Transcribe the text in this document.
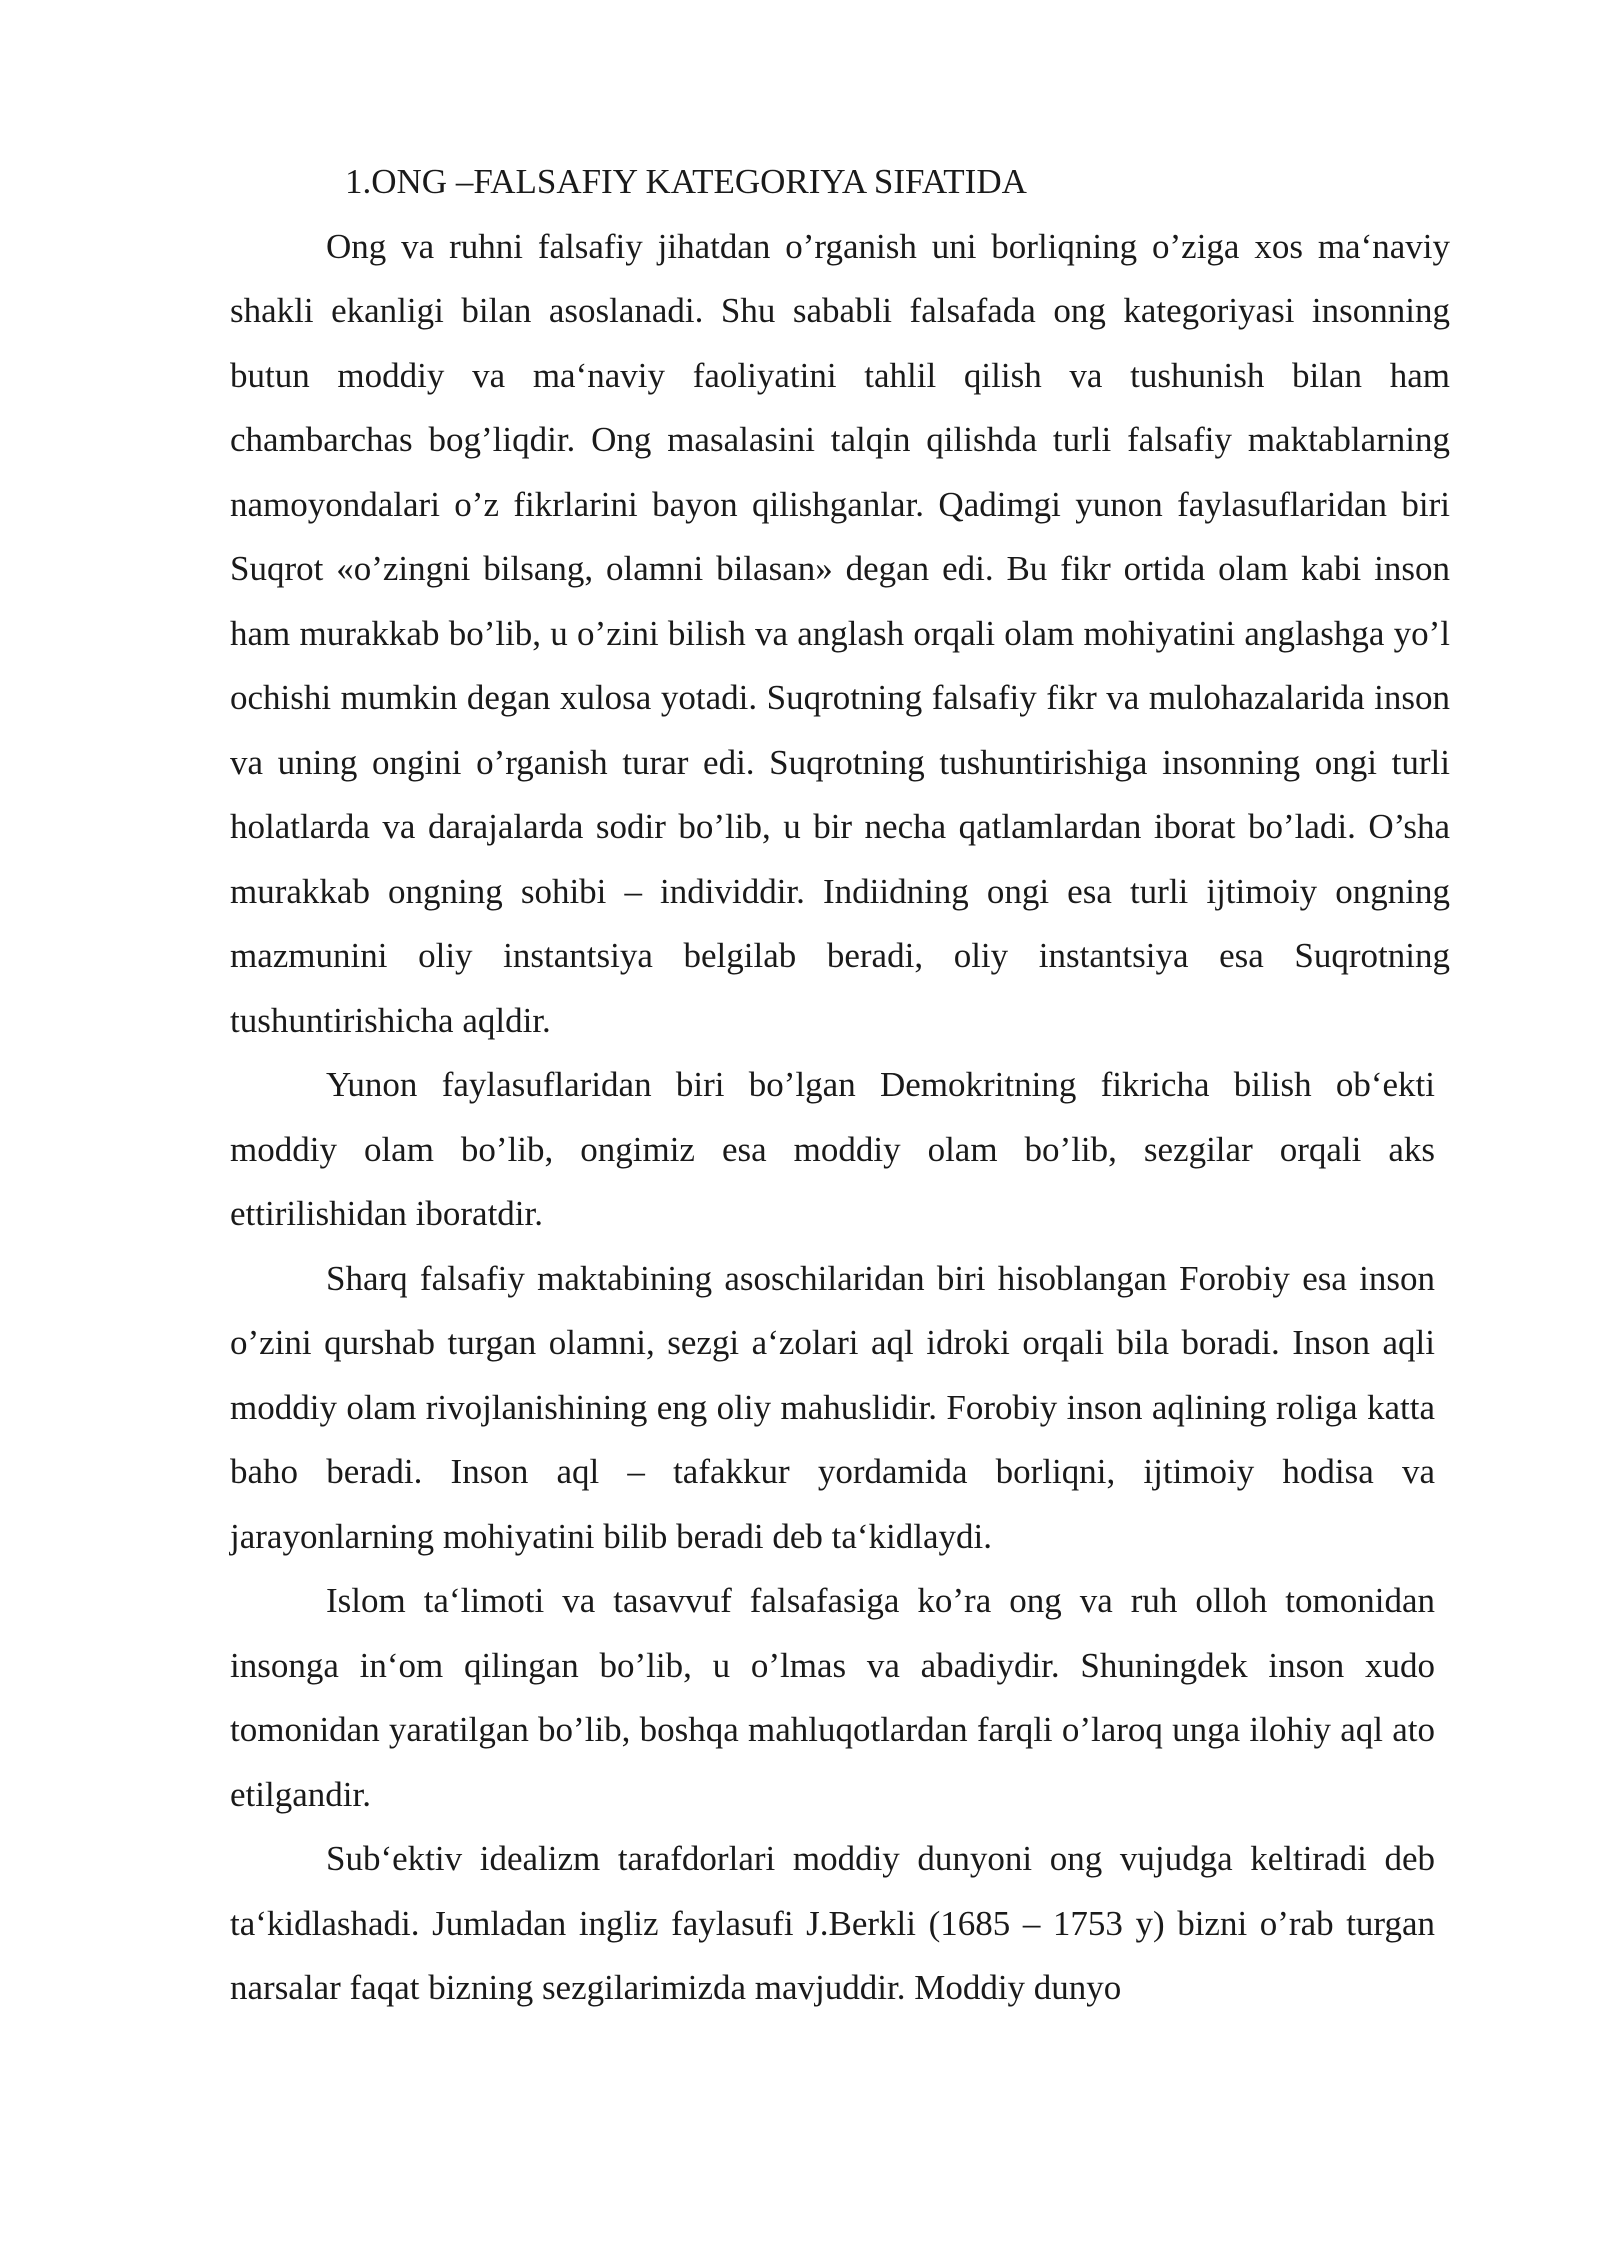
1.ONG –FALSAFIY KATEGORIYA SIFATIDA

Ong va ruhni falsafiy jihatdan o’rganish uni borliqning o’ziga xos ma‘naviy shakli ekanligi bilan asoslanadi. Shu sababli falsafada ong kategoriyasi insonning butun moddiy va ma‘naviy faoliyatini tahlil qilish va tushunish bilan ham chambarchas bog’liqdir. Ong masalasini talqin qilishda turli falsafiy maktablarning namoyondalari o’z fikrlarini bayon qilishganlar. Qadimgi yunon faylasuflaridan biri Suqrot «o’zingni bilsang, olamni bilasan» degan edi. Bu fikr ortida olam kabi inson ham murakkab bo’lib, u o’zini bilish va anglash orqali olam mohiyatini anglashga yo’l ochishi mumkin degan xulosa yotadi. Suqrotning falsafiy fikr va mulohazalarida inson va uning ongini o’rganish turar edi. Suqrotning tushuntirishiga insonning ongi turli holatlarda va darajalarda sodir bo’lib, u bir necha qatlamlardan iborat bo’ladi. O’sha murakkab ongning sohibi – individdir. Indiidning ongi esa turli ijtimoiy ongning mazmunini oliy instantsiya belgilab beradi, oliy instantsiya esa Suqrotning tushuntirishicha aqldir.

Yunon faylasuflaridan biri bo’lgan Demokritning fikricha bilish ob‘ekti moddiy olam bo’lib, ongimiz esa moddiy olam bo’lib, sezgilar orqali aks ettirilishidan iboratdir.

Sharq falsafiy maktabining asoschilaridan biri hisoblangan Forobiy esa inson o’zini qurshab turgan olamni, sezgi a‘zolari aql idroki orqali bila boradi. Inson aqli moddiy olam rivojlanishining eng oliy mahuslidir. Forobiy inson aqlining roliga katta baho beradi. Inson aql – tafakkur yordamida borliqni, ijtimoiy hodisa va jarayonlarning mohiyatini bilib beradi deb ta‘kidlaydi.

Islom ta‘limoti va tasavvuf falsafasiga ko’ra ong va ruh olloh tomonidan insonga in‘om qilingan bo’lib, u o’lmas va abadiydir. Shuningdek inson xudo tomonidan yaratilgan bo’lib, boshqa mahluqotlardan farqli o’laroq unga ilohiy aql ato etilgandir.

Sub‘ektiv idealizm tarafdorlari moddiy dunyoni ong vujudga keltiradi deb ta‘kidlashadi. Jumladan ingliz faylasufi J.Berkli (1685 – 1753 y) bizni o’rab turgan narsalar faqat bizning sezgilarimizda mavjuddir. Moddiy dunyo
